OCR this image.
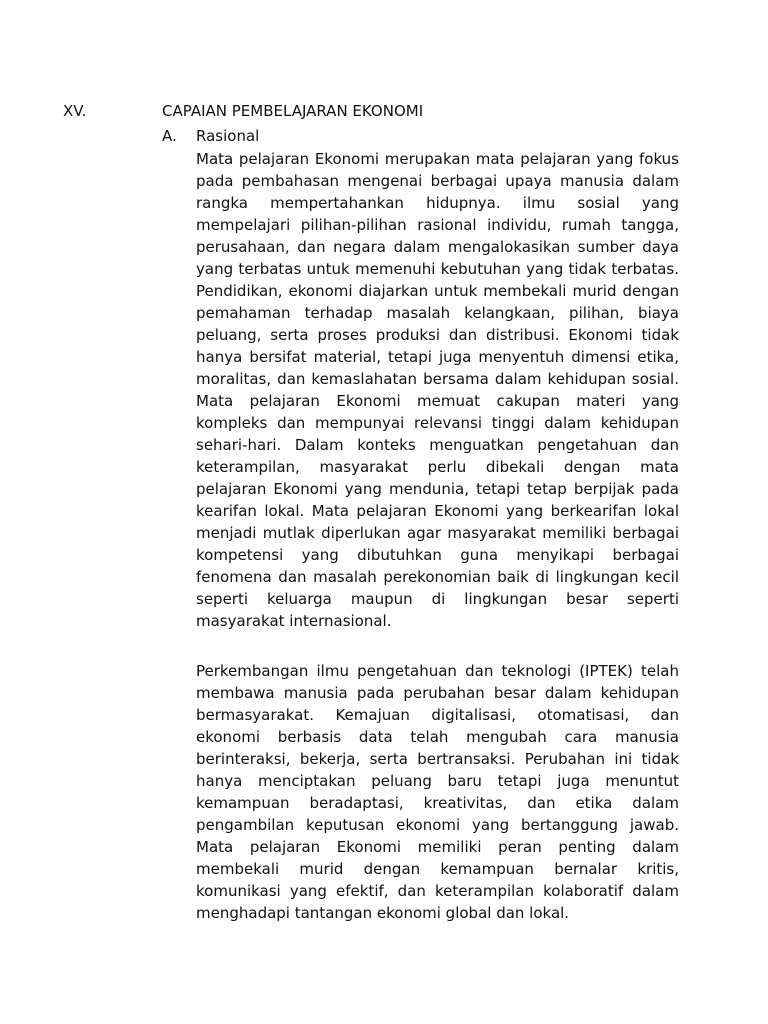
XV.	CAPAIAN PEMBELAJARAN EKONOMI
A. Rasional

Mata pelajaran Ekonomi merupakan mata pelajaran yang fokus pada pembahasan mengenai berbagai upaya manusia dalam rangka mempertahankan hidupnya. ilmu sosial yang mempelajari pilihan-pilihan rasional individu, rumah tangga, perusahaan, dan negara dalam mengalokasikan sumber daya yang terbatas untuk memenuhi kebutuhan yang tidak terbatas. Pendidikan, ekonomi diajarkan untuk membekali murid dengan pemahaman terhadap masalah kelangkaan, pilihan, biaya peluang, serta proses produksi dan distribusi. Ekonomi tidak hanya bersifat material, tetapi juga menyentuh dimensi etika, moralitas, dan kemaslahatan bersama dalam kehidupan sosial. Mata pelajaran Ekonomi memuat cakupan materi yang kompleks dan mempunyai relevansi tinggi dalam kehidupan sehari-hari. Dalam konteks menguatkan pengetahuan dan keterampilan, masyarakat perlu dibekali dengan mata pelajaran Ekonomi yang mendunia, tetapi tetap berpijak pada kearifan lokal. Mata pelajaran Ekonomi yang berkearifan lokal menjadi mutlak diperlukan agar masyarakat memiliki berbagai kompetensi yang dibutuhkan guna menyikapi berbagai fenomena dan masalah perekonomian baik di lingkungan kecil seperti keluarga maupun di lingkungan besar seperti masyarakat internasional.

Perkembangan ilmu pengetahuan dan teknologi (IPTEK) telah membawa manusia pada perubahan besar dalam kehidupan bermasyarakat. Kemajuan digitalisasi, otomatisasi, dan ekonomi berbasis data telah mengubah cara manusia berinteraksi, bekerja, serta bertransaksi. Perubahan ini tidak hanya menciptakan peluang baru tetapi juga menuntut kemampuan beradaptasi, kreativitas, dan etika dalam pengambilan keputusan ekonomi yang bertanggung jawab. Mata pelajaran Ekonomi memiliki peran penting dalam membekali murid dengan kemampuan bernalar kritis, komunikasi yang efektif, dan keterampilan kolaboratif dalam menghadapi tantangan ekonomi global dan lokal.
